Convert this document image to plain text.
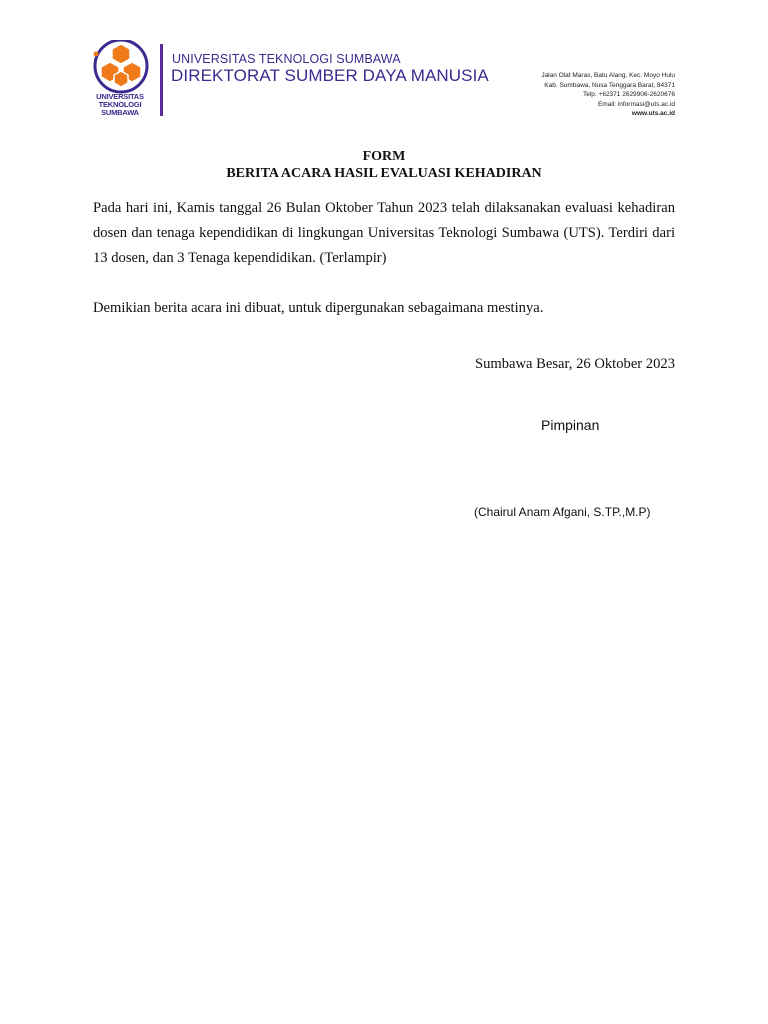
UNIVERSITAS
TEKNOLOGI
SUMBAWA
UNIVERSITAS TEKNOLOGI SUMBAWA
DIREKTORAT SUMBER DAYA MANUSIA	Jalan Olat Maras, Batu Alang, Kec. Moyo Hulu
Kab. Sumbawa, Nusa Tenggara Barat, 84371
Telp. +62371 2629906-2620676
Email: informasi@uts.ac.id
www.uts.ac.id
FORM
BERITA ACARA HASIL EVALUASI KEHADIRAN

Pada hari ini, Kamis tanggal 26 Bulan Oktober Tahun 2023 telah dilaksanakan evaluasi kehadiran dosen dan tenaga kependidikan di lingkungan Universitas Teknologi Sumbawa (UTS). Terdiri dari 13 dosen, dan 3 Tenaga kependidikan. (Terlampir)

Demikian berita acara ini dibuat, untuk dipergunakan sebagaimana mestinya.

Sumbawa Besar, 26 Oktober 2023
Pimpinan
(Chairul Anam Afgani, S.TP.,M.P)
